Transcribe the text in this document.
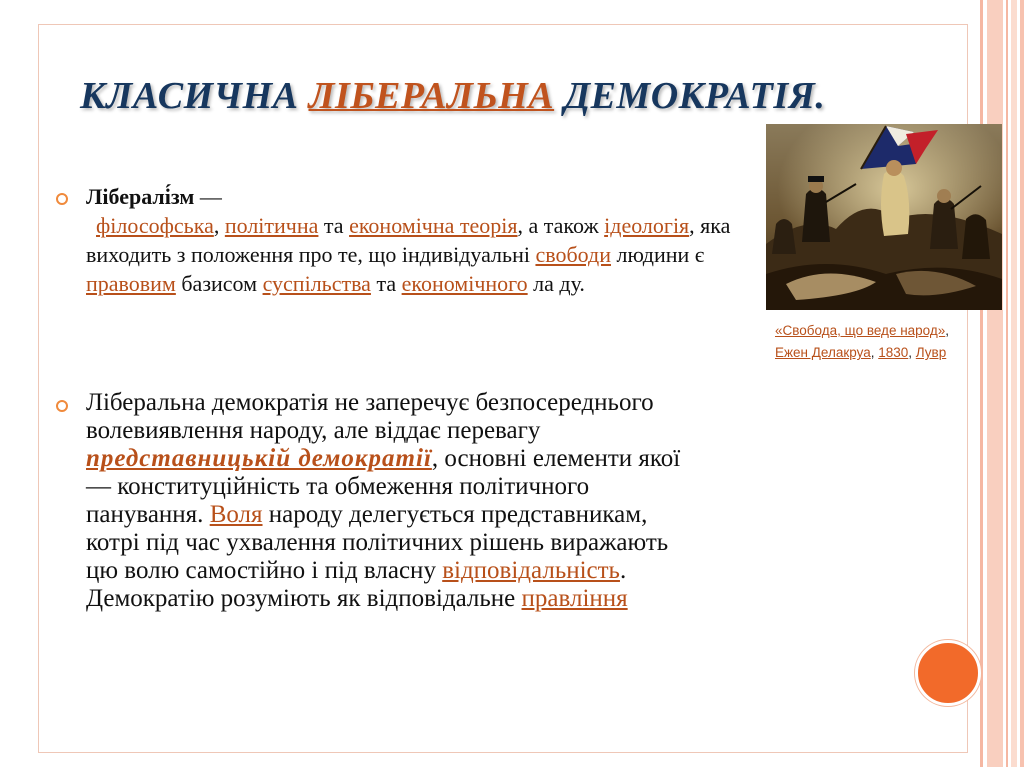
КЛАСИЧНА ЛІБЕРАЛЬНА ДЕМОКРАТІЯ.
Лібералі́зм —
філософська, політична та економічна теорія, а також ідеологія, яка виходить з положення про те, що індивідуальні свободи людини є правовим базисом суспільства та економічного ла ду.
Ліберальна демократія не заперечує безпосереднього волевиявлення народу, але віддає перевагу представницькій демократії, основні елементи якої — конституційність та обмеження політичного панування. Воля народу делегується представникам, котрі під час ухвалення політичних рішень виражають цю волю самостійно і під власну відповідальність. Демократію розуміють як відповідальне правління
«Свобода, що веде народ»,
Ежен Делакруа, 1830, Лувр
